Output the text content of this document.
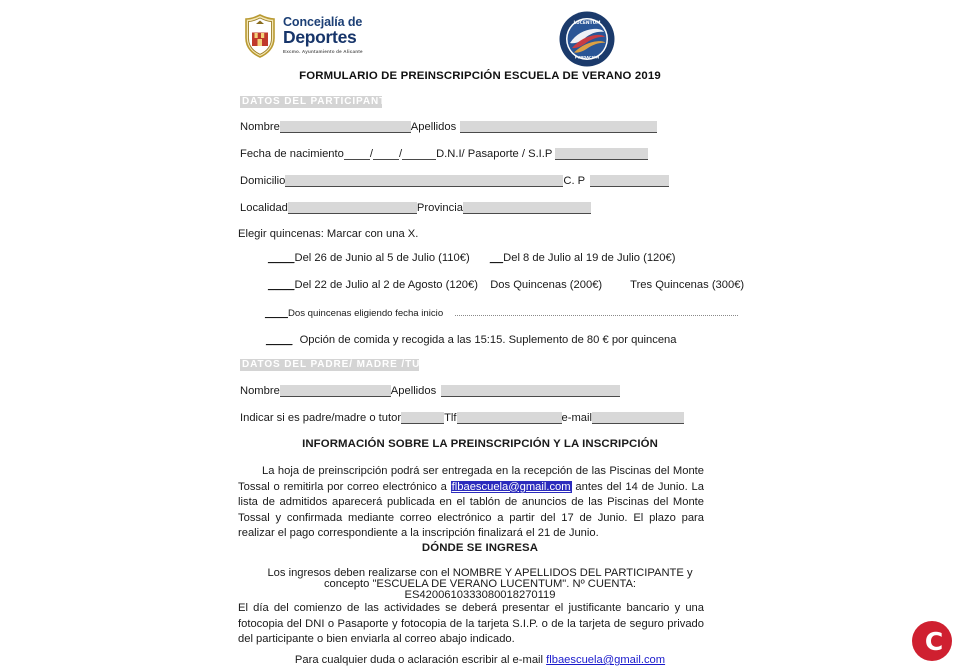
Concejalía de
Deportes
Excmo. Ayuntamiento de Alicante
LUCENTUM
FUNDACIÓN
FORMULARIO DE PREINSCRIPCIÓN ESCUELA DE VERANO 2019
DATOS DEL PARTICIPANTE
Nombre	Apellidos
Fecha de nacimiento / /	D.N.I/ Pasaporte / S.I.P
Domicilio	C. P
Localidad	Provincia
Elegir quincenas: Marcar con una X.
____Del 26 de Junio al 5 de Julio (110€) __Del 8 de Julio al 19 de Julio (120€)
____Del 22 de Julio al 2 de Agosto (120€) Dos Quincenas (200€)	Tres Quincenas (300€)
____Dos quincenas eligiendo fecha inicio
____ Opción de comida y recogida a las 15:15. Suplemento de 80 € por quincena
DATOS DEL PADRE/ MADRE /TUTOR
Nombre	Apellidos
Indicar si es padre/madre o tutor	Tlf	e-mail
INFORMACIÓN SOBRE LA PREINSCRIPCIÓN Y LA INSCRIPCIÓN
La hoja de preinscripción podrá ser entregada en la recepción de las Piscinas del Monte Tossal o remitirla por correo electrónico a flbaescuela@gmail.com antes del 14 de Junio. La lista de admitidos aparecerá publicada en el tablón de anuncios de las Piscinas del Monte Tossal y confirmada mediante correo electrónico a partir del 17 de Junio. El plazo para realizar el pago correspondiente a la inscripción finalizará el 21 de Junio.
DÓNDE SE INGRESA
Los ingresos deben realizarse con el NOMBRE Y APELLIDOS DEL PARTICIPANTE y
concepto "ESCUELA DE VERANO LUCENTUM". Nº CUENTA:
ES4200610333080018270119
El día del comienzo de las actividades se deberá presentar el justificante bancario y una fotocopia del DNI o Pasaporte y fotocopia de la tarjeta S.I.P. o de la tarjeta de seguro privado del participante o bien enviarla al correo abajo indicado.
Para cualquier duda o aclaración escribir al e-mail flbaescuela@gmail.com
C
